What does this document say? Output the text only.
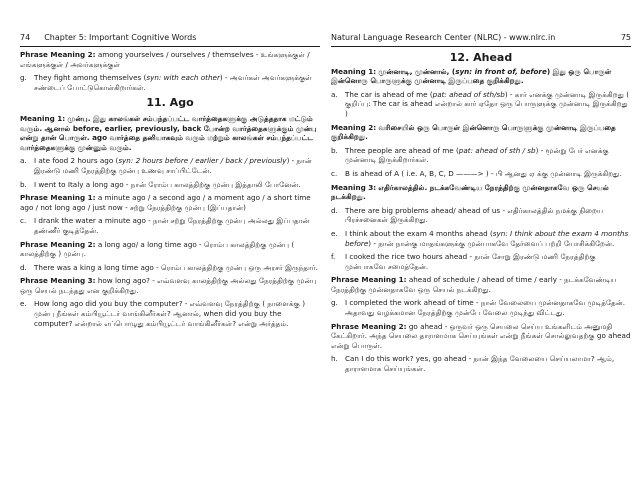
74 Chapter 5: Important Cognitive Words

Phrase Meaning 2: among yourselves / ourselves / themselves - உங்களுக்குள் / எங்களுக்குள் / அவர்களுக்குள்

g. They fight among themselves (syn: with each other) - அவர்கள் அவர்களுக்குள் சண்டைப் போட்டுகொள்கிறார்கள்.
11. Ago

Meaning 1: முன்பு. இது காலங்கள் சம்பந்தப்பட்ட வார்த்தைகளுக்கு அடுத்ததாக மட்டும் வரும். ஆனால் before, earlier, previously, back போன்ற வார்த்தைகளுக்கும் முன்பு என்று தான் பொருள். ago வார்த்தை தனியாகவும் வரும் மற்றும் காலங்கள் சம்பந்தப்பட்ட வார்த்தைகளுக்கு முன்னும் வரும்.

a.	I ate food 2 hours ago (syn: 2 hours before / earlier / back / previously) - நான் இரண்டு மணி நேரத்திற்கு முன்பு உணவு சாப்பிட்டேன்.
b. I went to Italy a long ago - நான் ரோம்ப காலத்திற்கு முன்பு இத்தாலி போனேன்.

Phrase Meaning 1: a minute ago / a second ago / a moment ago / a short time ago / not long ago / just now - சற்று நேரத்திற்கு முன்பு (இப்பதான்)

c.	I drank the water a minute ago - நான் சற்று நேரத்திற்கு முன்பு அல்லது இப்பதான் தண்ணீர் குடித்தேன்.

Phrase Meaning 2: a long ago/ a long time ago - ரொம்ப காலத்திற்கு முன்பு ( காலத்திற்கு ) முன்பு.

d. There was a king a long time ago - ரொம்ப காலத்திற்கு முன்பு ஒரு அரசர் இருந்தார்.

Phrase Meaning 3: how long ago? - எவ்வளவு காலத்திற்கு அல்லது நேரத்திற்கு முன்பு ஒரு செயல் நடந்தது என குறிக்கிறது.

e.	How long ago did you buy the computer? - எவ்வளவு நேரத்திற்கு ( நாளைக்கு ) முன்பு நீங்கள் கம்பியூட்டர் வாங்கினீர்கள்? ஆனால், when did you buy the computer? என்றால் எப்பொழுது கம்பியூட்டர் வாங்கினீர்கள்? என்று அர்த்தம்.
Natural Language Research Center (NLRC) - www.nlrc.in	75
12. Ahead

Meaning 1: முன்னாடி, முன்னால், (syn: in front of, before) இது ஒரு பொருள் இன்னொரு பொருளுக்கு முன்னாடி இருப்பதை குறிக்கிறது.

a.	The car is ahead of me (pat: ahead of sth/sb) - கார் எனக்கு முன்னாடி இருக்கிறது ( குறிப்பு: The car is ahead என்றால் கார் ஏதோ ஒரு பொருளுக்கு முன்னாடி இருக்கிறது )

Meaning 2: வரிசையில் ஒரு பொருள் இன்னொரு பொருளுக்கு முன்னாடி இருப்பதை குறிக்கிறது.

b. Three people are ahead of me (pat: ahead of sth / sb) - மூன்று பேர் எனக்கு முன்னாடி இருக்கிறார்கள்.
c.	B is ahead of A ( i.e. A, B, C, D ———> ) - பி ஆனது ஏ க்கு முன்னாடி இருக்கிறது.

Meaning 3: எதிர்காலத்தில். நடக்கவேண்டிய நேரத்திற்கு முன்னதாகவே ஒரு செயல் நடக்கிறது.

d. There are big problems ahead/ ahead of us - எதிர்காலத்தில் நமக்கு நிறைய பிரச்சனைகள் இருக்கிறது.
e.	I think about the exam 4 months ahead (syn: I think about the exam 4 months before) - நான் நான்கு மாதங்களுக்கு முன்பாகவே தேர்வைப் பற்றி யோசிக்கிறேன்.
f.	I cooked the rice two hours ahead - நான் சோறு இரண்டு மணி நேரத்திற்கு முன்பாகவே சமைத்தேன்.

Phrase Meaning 1: ahead of schedule / ahead of time / early - நடக்கவேண்டிய நேரத்திற்கு முன்னதாகவே ஒரு செயல் நடக்கிறது.

g. I completed the work ahead of time - நான் வேலையை முன்னதாகவே முடித்தேன். அதாவது வழக்கமான நேரத்திற்கு முன்பே வேலை முடிந்து விட்டது.

Phrase Meaning 2: go ahead - ஒருவர் ஒரு செயலை செய்ய உங்களிடம் அனுமதி கேட்கிறார். அந்த செயலை தாராளமாக செய்யுங்கள் என்று நீங்கள் சொல்லுவதற்கு go ahead என்று பொருள்.

h. Can I do this work? yes, go ahead - நான் இந்த வேலையை செய்யலாமா? ஆம், தாராளமாக செய்யுங்கள்.
